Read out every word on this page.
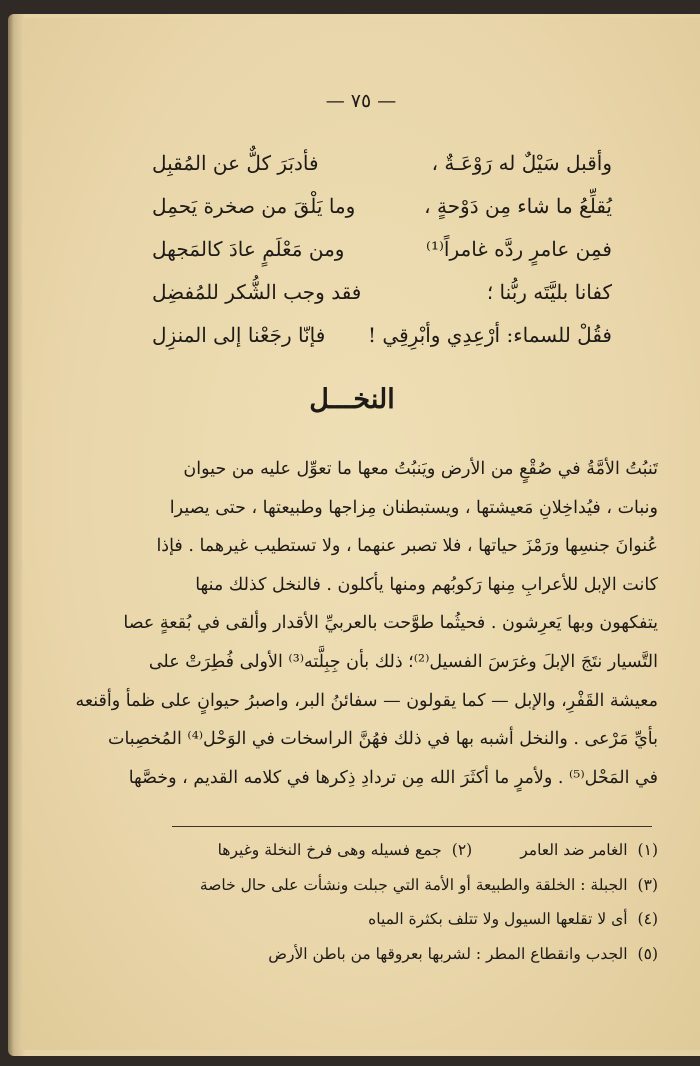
— ٧٥ —
وأقبل سَيْلٌ له رَوْعَـةٌ ،
فأدبَرَ كلٌّ عن المُقبِل
يُقلِّعُ ما شاء مِن دَوْحةٍ ،
وما يَلْقَ من صخرة يَحمِل
فمِن عامرٍ ردَّه غامراً⁽¹⁾
ومن مَعْلَمٍ عادَ كالمَجهل
كفانا بليَّتَه ربُّنا ؛
فقد وجب الشُّكر للمُفضِل
فقُلْ للسماء: أرْعِدِي وأبْرِقِي !
فإنّا رجَعْنا إلى المنزِل
النخـــل
تَنبُتُ الأمَّةُ في صُقْعٍ من الأرض ويَنبُتُ معها ما تعوِّل عليه من حيوان
ونبات ، فيُداخِلانِ مَعيشتها ، ويستبطنان مِزاجها وطبيعتها ، حتى يصيرا
عُنوانَ جنسِها ورَمْزَ حياتها ، فلا تصبر عنهما ، ولا تستطيب غيرهما . فإذا
كانت الإبل للأعرابِ مِنها رَكوبُهم ومنها يأكلون . فالنخل كذلك منها
يتفكهون وبها يَعرِشون . فحيثُما طوَّحت بالعربيِّ الأقدار وألقى في بُقعةٍ عصا
التَّسيار نتَجَ الإبلَ وغرَسَ الفسيل⁽²⁾؛ ذلك بأن جِبِلَّته⁽³⁾ الأولى فُطِرَتْ على
معيشة القَفْرِ، والإبل — كما يقولون — سفائنُ البر، واصبرُ حيوانٍ على ظمأ وأقنعه
بأيِّ مَرْعى . والنخل أشبه بها في ذلك فهُنَّ الراسخات في الوَحْل⁽⁴⁾ المُخصِبات
في المَحْل⁽⁵⁾ . ولأمرٍ ما أكثَرَ الله مِن تردادِ ذِكرها في كلامه القديم ، وخصَّها
(١)الغامر ضد العامر
(٢)جمع فسيله وهى فرخ النخلة وغيرها
(٣)الجبلة : الخلقة والطبيعة أو الأمة التي جبلت ونشأت على حال خاصة
(٤)أى لا تقلعها السيول ولا تتلف بكثرة المياه
(٥)الجدب وانقطاع المطر : لشربها بعروقها من باطن الأرض
